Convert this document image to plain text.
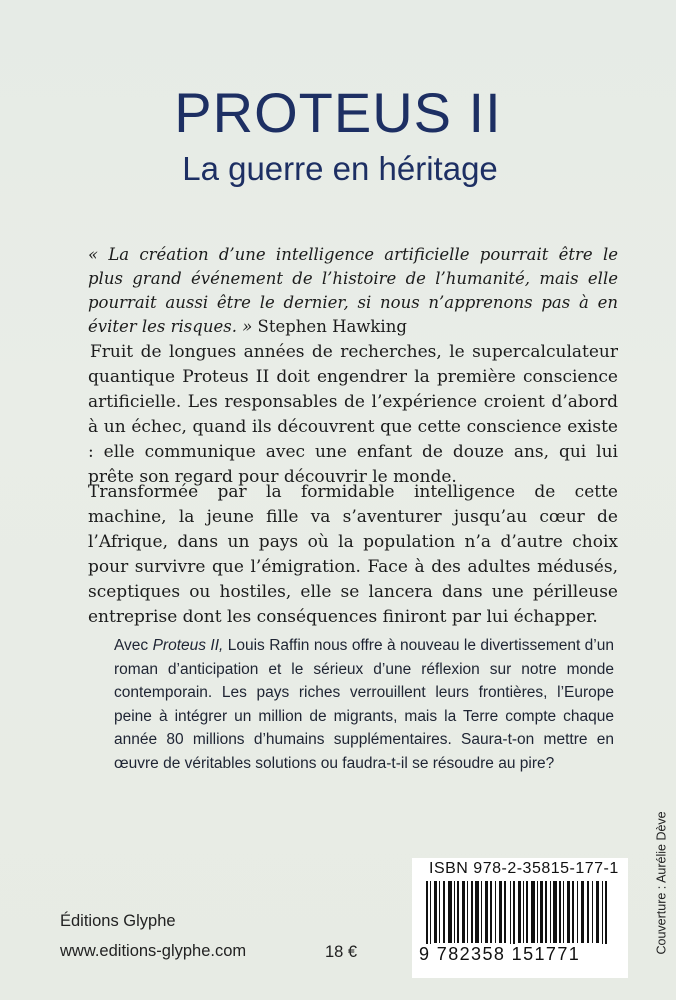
PROTEUS II
La guerre en héritage
« La création d’une intelligence artificielle pourrait être le plus grand événement de l’histoire de l’humanité, mais elle pourrait aussi être le dernier, si nous n’apprenons pas à en éviter les risques. » Stephen Hawking
Fruit de longues années de recherches, le supercalculateur quantique Proteus II doit engendrer la première conscience artificielle. Les responsables de l’expérience croient d’abord à un échec, quand ils découvrent que cette conscience existe : elle communique avec une enfant de douze ans, qui lui prête son regard pour découvrir le monde.
Transformée par la formidable intelligence de cette machine, la jeune fille va s’aventurer jusqu’au cœur de l’Afrique, dans un pays où la population n’a d’autre choix pour survivre que l’émigration. Face à des adultes médusés, sceptiques ou hostiles, elle se lancera dans une périlleuse entreprise dont les conséquences finiront par lui échapper.
Avec Proteus II, Louis Raffin nous offre à nouveau le divertissement d’un roman d’anticipation et le sérieux d’une réflexion sur notre monde contemporain. Les pays riches verrouillent leurs frontières, l’Europe peine à intégrer un million de migrants, mais la Terre compte chaque année 80 millions d’humains supplémentaires. Saura-t-on mettre en œuvre de véritables solutions ou faudra-t-il se résoudre au pire?
Couverture : Aurélie Dève
ISBN 978-2-35815-177-1
9 782358 151771
Éditions Glyphe
www.editions-glyphe.com	18 €
